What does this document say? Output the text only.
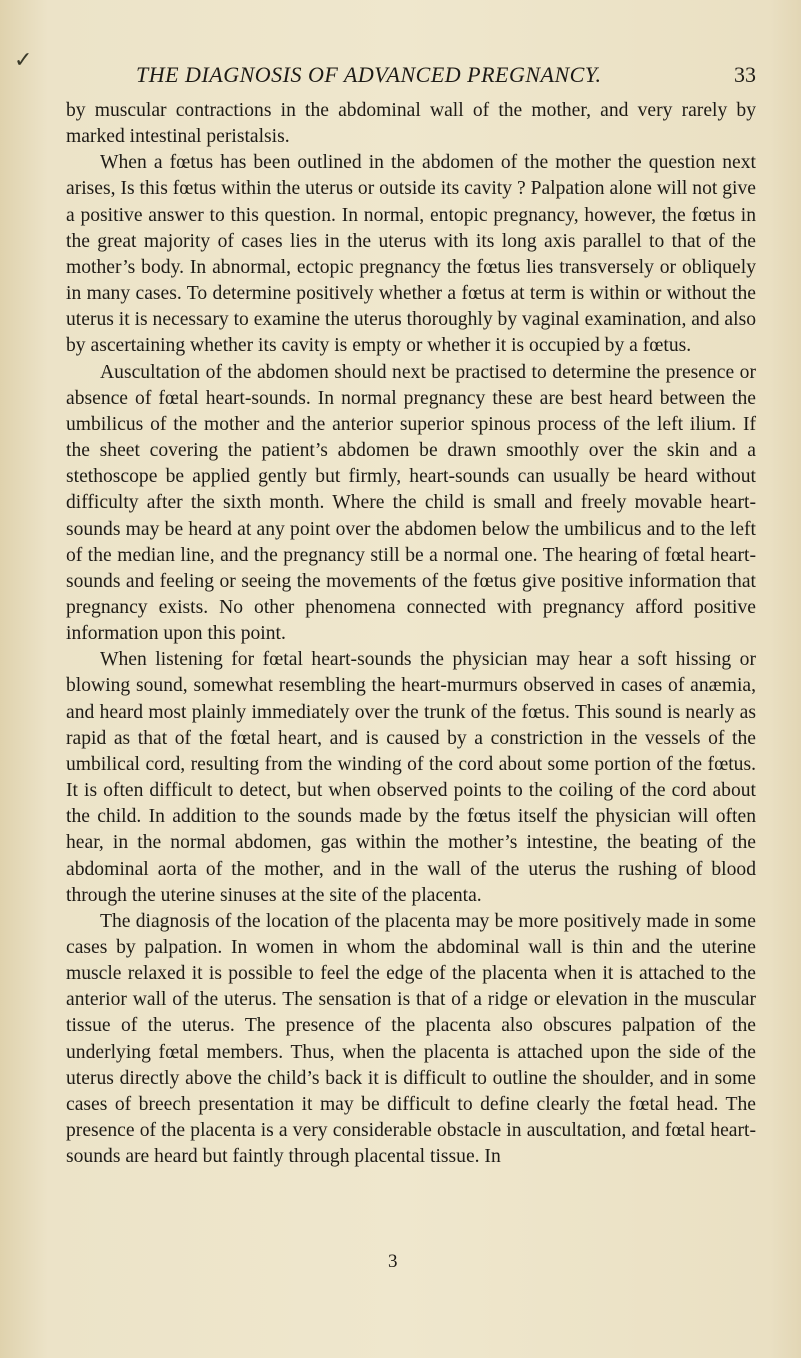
✓
THE DIAGNOSIS OF ADVANCED PREGNANCY.	33

by muscular contractions in the abdominal wall of the mother, and very rarely by marked intestinal peristalsis.

When a fœtus has been outlined in the abdomen of the mother the question next arises, Is this fœtus within the uterus or outside its cavity ? Palpation alone will not give a positive answer to this question. In normal, entopic pregnancy, however, the fœtus in the great majority of cases lies in the uterus with its long axis parallel to that of the mother’s body. In abnormal, ectopic pregnancy the fœtus lies transversely or obliquely in many cases. To determine positively whether a fœtus at term is within or without the uterus it is necessary to examine the uterus thoroughly by vaginal examination, and also by ascertaining whether its cavity is empty or whether it is occupied by a fœtus.

Auscultation of the abdomen should next be practised to determine the presence or absence of fœtal heart-sounds. In normal pregnancy these are best heard between the umbilicus of the mother and the anterior superior spinous process of the left ilium. If the sheet covering the patient’s abdomen be drawn smoothly over the skin and a stethoscope be applied gently but firmly, heart-sounds can usually be heard without difficulty after the sixth month. Where the child is small and freely movable heart-sounds may be heard at any point over the abdomen below the umbilicus and to the left of the median line, and the pregnancy still be a normal one. The hearing of fœtal heart-sounds and feeling or seeing the movements of the fœtus give positive information that pregnancy exists. No other phenomena connected with pregnancy afford positive information upon this point.

When listening for fœtal heart-sounds the physician may hear a soft hissing or blowing sound, somewhat resembling the heart-murmurs observed in cases of anæmia, and heard most plainly immediately over the trunk of the fœtus. This sound is nearly as rapid as that of the fœtal heart, and is caused by a constriction in the vessels of the umbilical cord, resulting from the winding of the cord about some portion of the fœtus. It is often difficult to detect, but when observed points to the coiling of the cord about the child. In addition to the sounds made by the fœtus itself the physician will often hear, in the normal abdomen, gas within the mother’s intestine, the beating of the abdominal aorta of the mother, and in the wall of the uterus the rushing of blood through the uterine sinuses at the site of the placenta.

The diagnosis of the location of the placenta may be more positively made in some cases by palpation. In women in whom the abdominal wall is thin and the uterine muscle relaxed it is possible to feel the edge of the placenta when it is attached to the anterior wall of the uterus. The sensation is that of a ridge or elevation in the muscular tissue of the uterus. The presence of the placenta also obscures palpation of the underlying fœtal members. Thus, when the placenta is attached upon the side of the uterus directly above the child’s back it is difficult to outline the shoulder, and in some cases of breech presentation it may be difficult to define clearly the fœtal head. The presence of the placenta is a very considerable obstacle in auscultation, and fœtal heart-sounds are heard but faintly through placental tissue. In

3
